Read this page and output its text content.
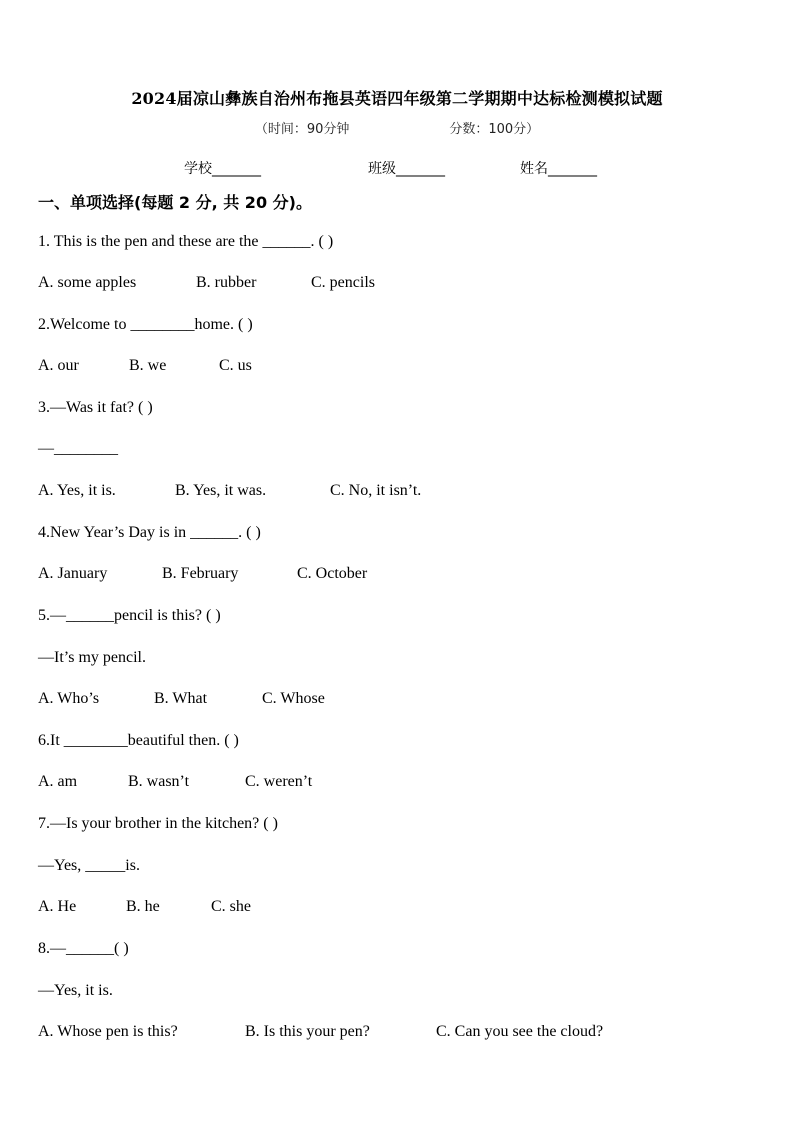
2024届凉山彝族自治州布拖县英语四年级第二学期期中达标检测模拟试题
（时间：90分钟	分数：100分）
学校_______	班级_______	姓名_______
一、单项选择(每题 2 分, 共 20 分)。
1. This is the pen and these are the ______. ( )
A. some apples	B. rubber	C. pencils
2.Welcome to ________home. ( )
A. our	B. we	C. us
3.—Was it fat? ( )
—________
A. Yes, it is.	B. Yes, it was.	C. No, it isn’t.
4.New Year’s Day is in ______. ( )
A. January	B. February	C. October
5.—______pencil is this? ( )
—It’s my pencil.
A. Who’s	B. What	C. Whose
6.It ________beautiful then. ( )
A. am	B. wasn’t	C. weren’t
7.—Is your brother in the kitchen? ( )
—Yes, _____is.
A. He	B. he	C. she
8.—______( )
—Yes, it is.
A. Whose pen is this?	B. Is this your pen?	C. Can you see the cloud?
